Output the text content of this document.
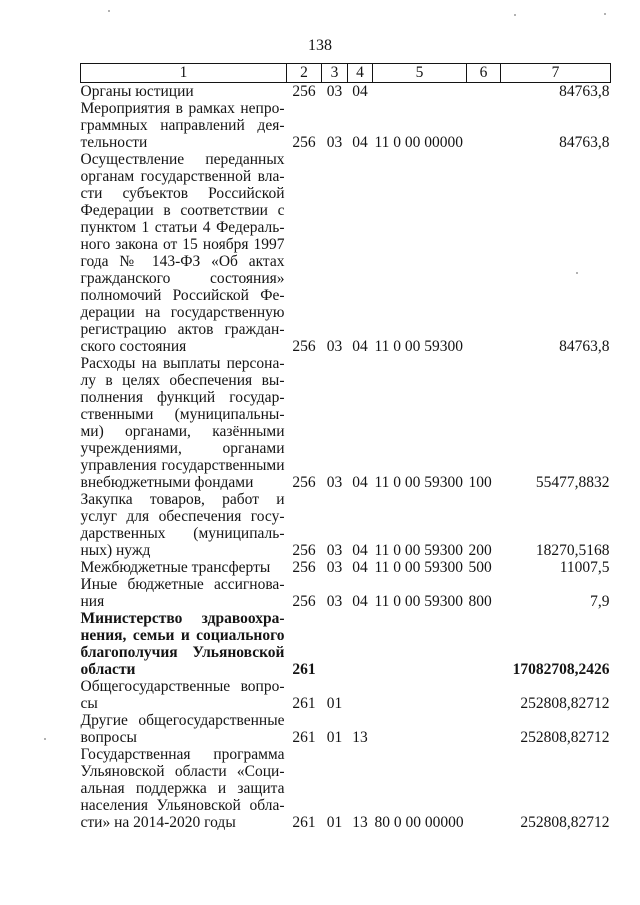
138
1	2	3	4	5	6	7
Органы юстиции	256	03	04			84763,8
Мероприятия в рамках непрограммных направлений деятельности	256	03	04	11 0 00 00000		84763,8
Осуществление переданных органам государственной власти субъектов Российской Федерации в соответствии с пунктом 1 статьи 4 Федерального закона от 15 ноября 1997 года № 143-ФЗ «Об актах гражданского состояния» полномочий Российской Федерации на государственную регистрацию актов гражданского состояния	256	03	04	11 0 00 59300		84763,8
Расходы на выплаты персоналу в целях обеспечения выполнения функций государственными (муниципальными) органами, казёнными учреждениями, органами управления государственными внебюджетными фондами	256	03	04	11 0 00 59300	100	55477,8832
Закупка товаров, работ и услуг для обеспечения государственных (муниципальных) нужд	256	03	04	11 0 00 59300	200	18270,5168
Межбюджетные трансферты	256	03	04	11 0 00 59300	500	11007,5
Иные бюджетные ассигнования	256	03	04	11 0 00 59300	800	7,9
Министерство здравоохранения, семьи и социального благополучия Ульяновской области	261					17082708,2426
Общегосударственные вопросы	261	01				252808,82712
Другие общегосударственные вопросы	261	01	13			252808,82712
Государственная программа Ульяновской области «Социальная поддержка и защита населения Ульяновской области» на 2014-2020 годы	261	01	13	80 0 00 00000		252808,82712
